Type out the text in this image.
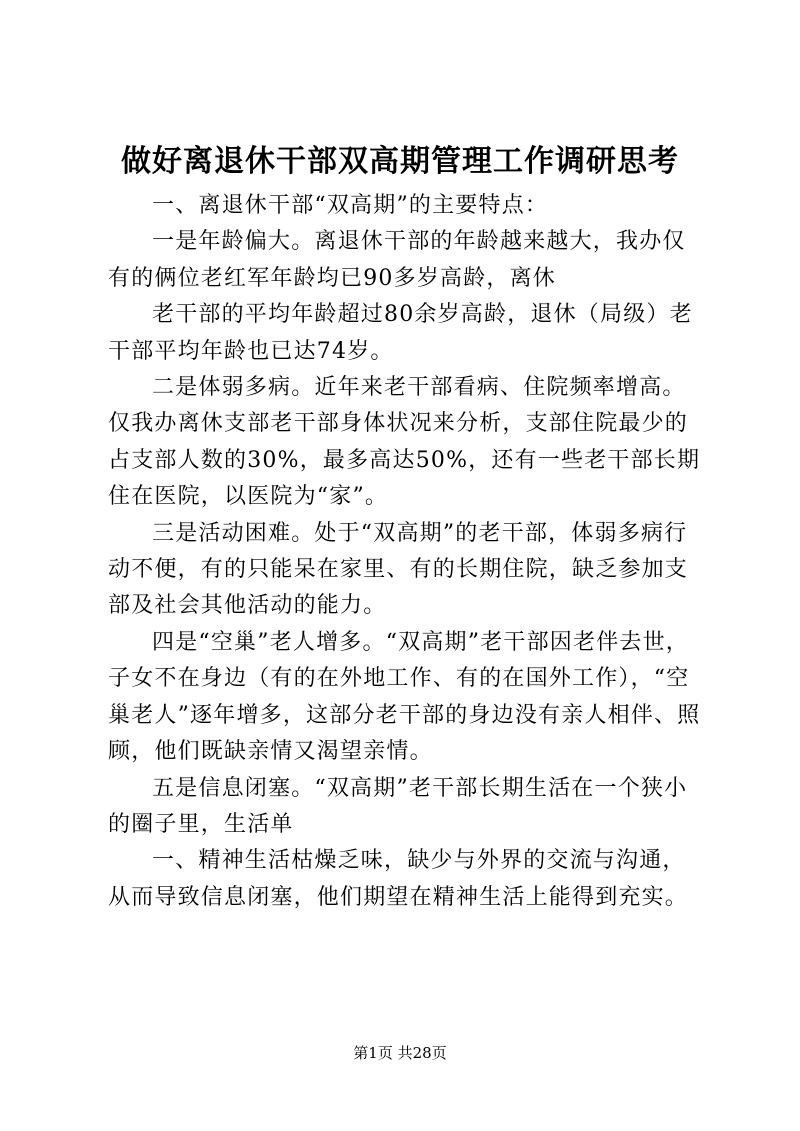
做好离退休干部双高期管理工作调研思考

一、离退休干部“双高期”的主要特点：

一是年龄偏大。离退休干部的年龄越来越大，我办仅有的俩位老红军年龄均已90多岁高龄，离休

老干部的平均年龄超过80余岁高龄，退休（局级）老干部平均年龄也已达74岁。

二是体弱多病。近年来老干部看病、住院频率增高。仅我办离休支部老干部身体状况来分析，支部住院最少的占支部人数的30%，最多高达50%，还有一些老干部长期住在医院，以医院为“家”。

三是活动困难。处于“双高期”的老干部，体弱多病行动不便，有的只能呆在家里、有的长期住院，缺乏参加支部及社会其他活动的能力。

四是“空巢”老人增多。“双高期”老干部因老伴去世，子女不在身边（有的在外地工作、有的在国外工作），“空巢老人”逐年增多，这部分老干部的身边没有亲人相伴、照顾，他们既缺亲情又渴望亲情。

五是信息闭塞。“双高期”老干部长期生活在一个狭小的圈子里，生活单

一、精神生活枯燥乏味，缺少与外界的交流与沟通，从而导致信息闭塞，他们期望在精神生活上能得到充实。

第1页 共28页
